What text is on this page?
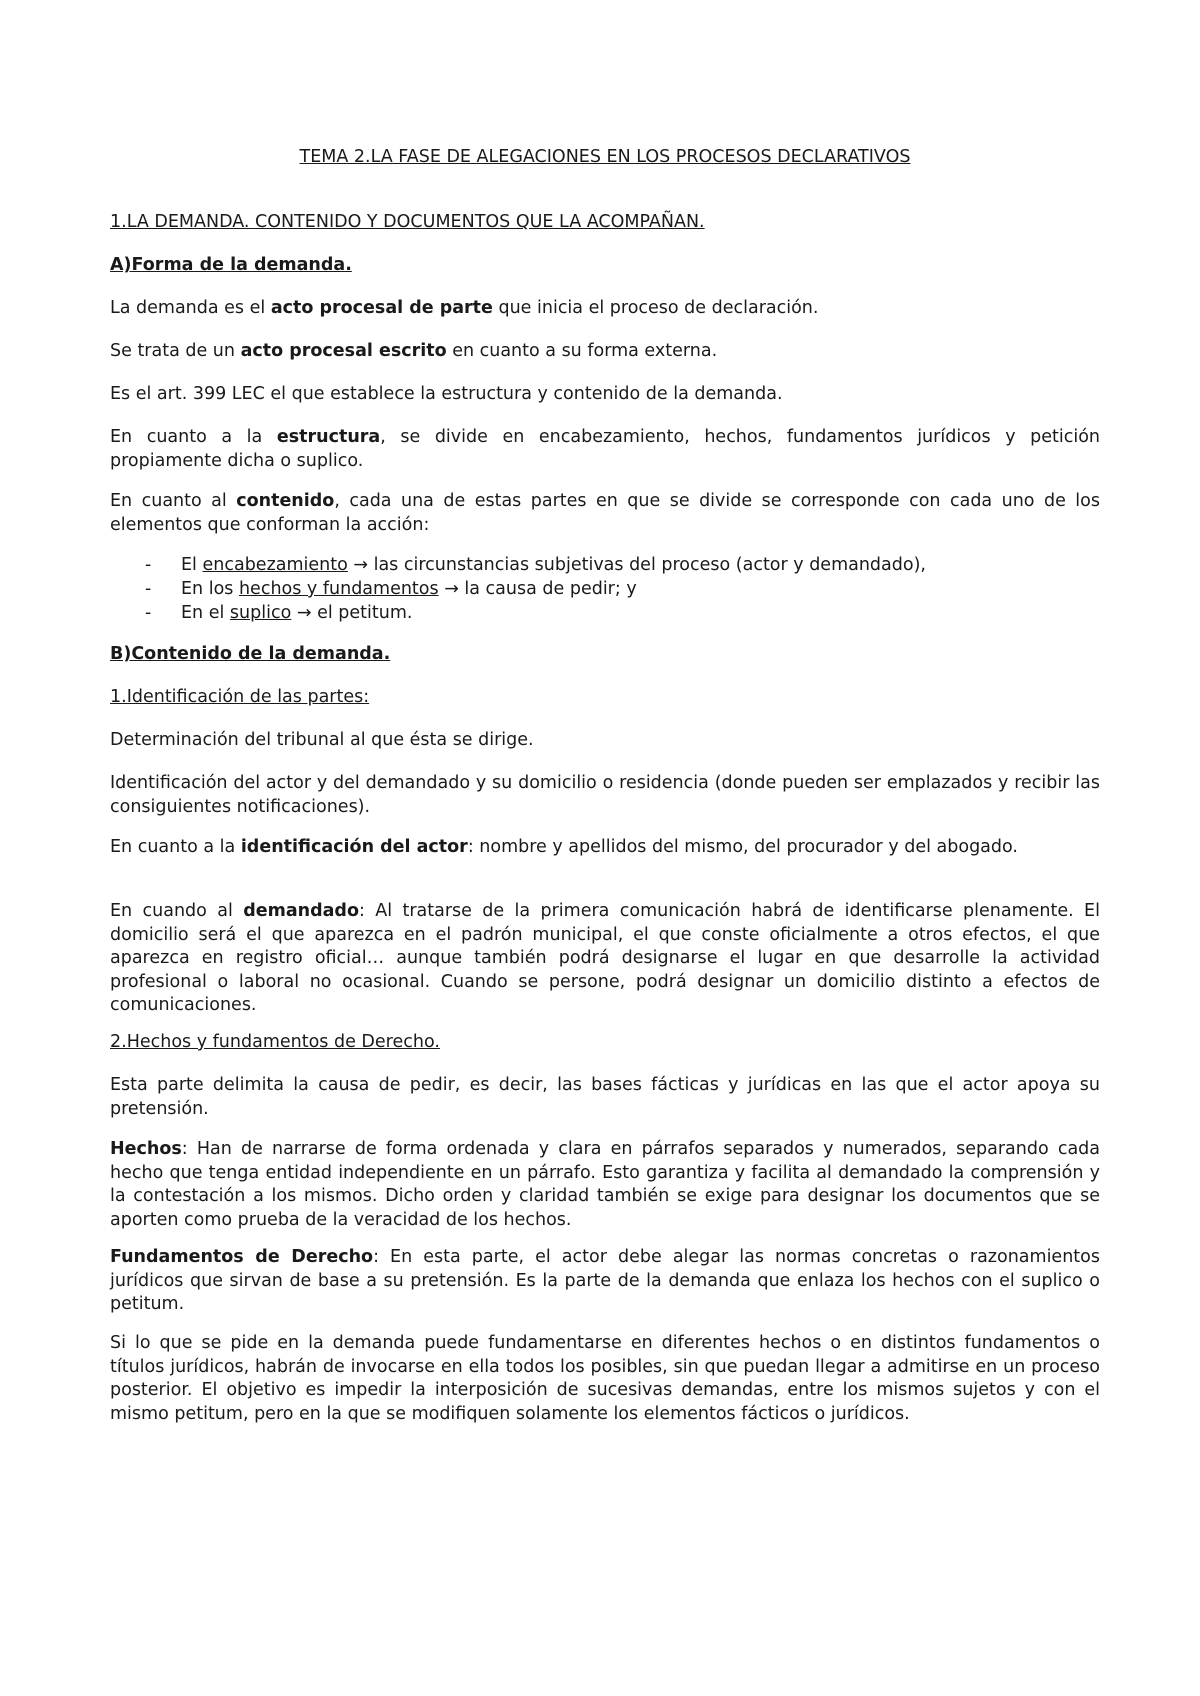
TEMA 2.LA FASE DE ALEGACIONES EN LOS PROCESOS DECLARATIVOS

1.LA DEMANDA. CONTENIDO Y DOCUMENTOS QUE LA ACOMPAÑAN.

A)Forma de la demanda.

La demanda es el acto procesal de parte que inicia el proceso de declaración.

Se trata de un acto procesal escrito en cuanto a su forma externa.

Es el art. 399 LEC el que establece la estructura y contenido de la demanda.

En cuanto a la estructura, se divide en encabezamiento, hechos, fundamentos jurídicos y petición propiamente dicha o suplico.

En cuanto al contenido, cada una de estas partes en que se divide se corresponde con cada uno de los elementos que conforman la acción:

- El encabezamiento → las circunstancias subjetivas del proceso (actor y demandado),
- En los hechos y fundamentos → la causa de pedir; y
- En el suplico → el petitum.

B)Contenido de la demanda.

1.Identificación de las partes:

Determinación del tribunal al que ésta se dirige.

Identificación del actor y del demandado y su domicilio o residencia (donde pueden ser emplazados y recibir las consiguientes notificaciones).

En cuanto a la identificación del actor: nombre y apellidos del mismo, del procurador y del abogado.

En cuando al demandado: Al tratarse de la primera comunicación habrá de identificarse plenamente. El domicilio será el que aparezca en el padrón municipal, el que conste oficialmente a otros efectos, el que aparezca en registro oficial… aunque también podrá designarse el lugar en que desarrolle la actividad profesional o laboral no ocasional. Cuando se persone, podrá designar un domicilio distinto a efectos de comunicaciones.

2.Hechos y fundamentos de Derecho.

Esta parte delimita la causa de pedir, es decir, las bases fácticas y jurídicas en las que el actor apoya su pretensión.

Hechos: Han de narrarse de forma ordenada y clara en párrafos separados y numerados, separando cada hecho que tenga entidad independiente en un párrafo. Esto garantiza y facilita al demandado la comprensión y la contestación a los mismos. Dicho orden y claridad también se exige para designar los documentos que se aporten como prueba de la veracidad de los hechos.

Fundamentos de Derecho: En esta parte, el actor debe alegar las normas concretas o razonamientos jurídicos que sirvan de base a su pretensión. Es la parte de la demanda que enlaza los hechos con el suplico o petitum.

Si lo que se pide en la demanda puede fundamentarse en diferentes hechos o en distintos fundamentos o títulos jurídicos, habrán de invocarse en ella todos los posibles, sin que puedan llegar a admitirse en un proceso posterior. El objetivo es impedir la interposición de sucesivas demandas, entre los mismos sujetos y con el mismo petitum, pero en la que se modifiquen solamente los elementos fácticos o jurídicos.
